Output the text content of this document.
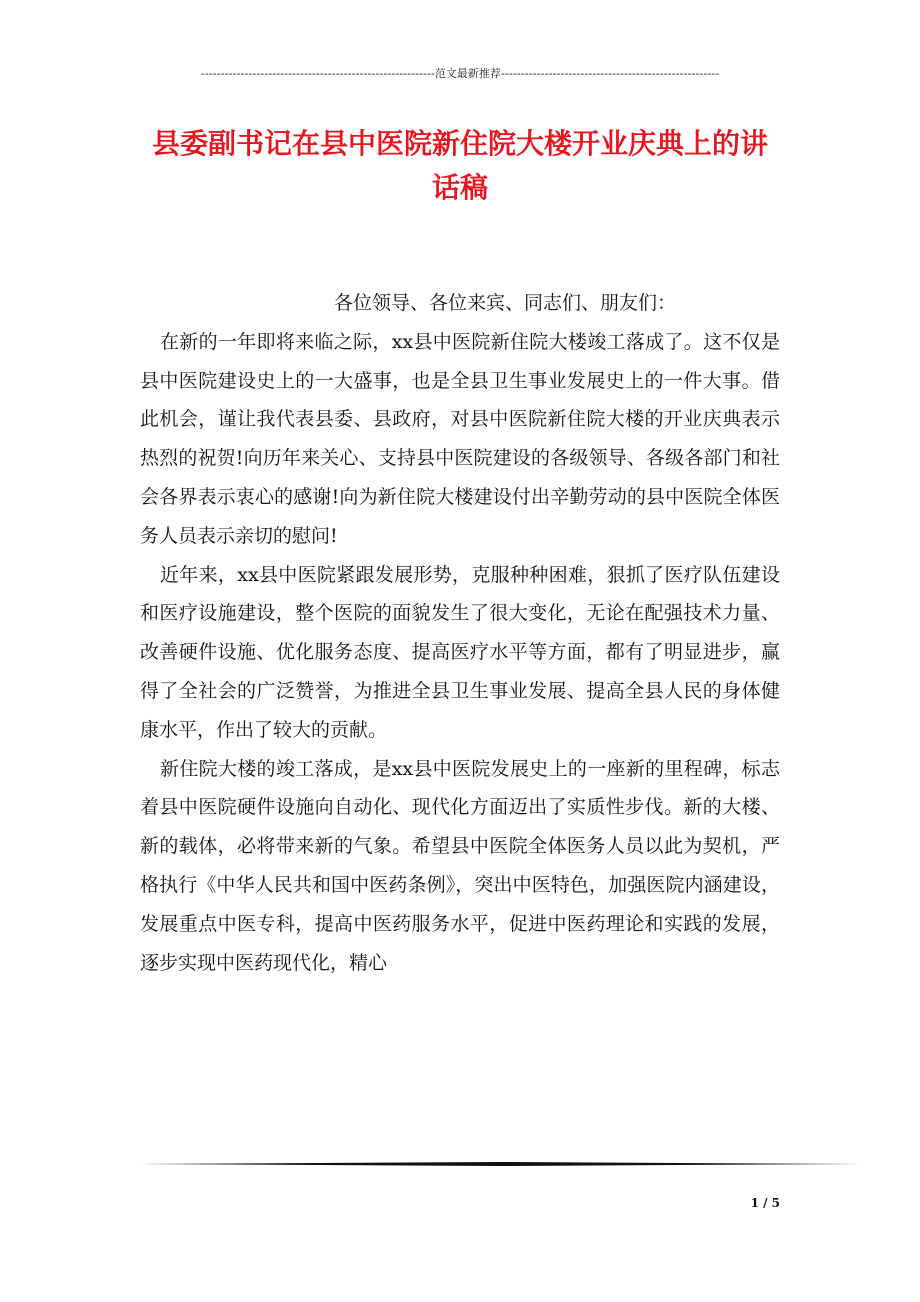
-----------------------------------------------------------范文最新推荐-------------------------------------------------------
县委副书记在县中医院新住院大楼开业庆典上的讲话稿

各位领导、各位来宾、同志们、朋友们：

在新的一年即将来临之际，xx县中医院新住院大楼竣工落成了。这不仅是县中医院建设史上的一大盛事，也是全县卫生事业发展史上的一件大事。借此机会，谨让我代表县委、县政府，对县中医院新住院大楼的开业庆典表示热烈的祝贺!向历年来关心、支持县中医院建设的各级领导、各级各部门和社会各界表示衷心的感谢!向为新住院大楼建设付出辛勤劳动的县中医院全体医务人员表示亲切的慰问!

近年来，xx县中医院紧跟发展形势，克服种种困难，狠抓了医疗队伍建设和医疗设施建设，整个医院的面貌发生了很大变化，无论在配强技术力量、改善硬件设施、优化服务态度、提高医疗水平等方面，都有了明显进步，赢得了全社会的广泛赞誉，为推进全县卫生事业发展、提高全县人民的身体健康水平，作出了较大的贡献。

新住院大楼的竣工落成，是xx县中医院发展史上的一座新的里程碑，标志着县中医院硬件设施向自动化、现代化方面迈出了实质性步伐。新的大楼、新的载体，必将带来新的气象。希望县中医院全体医务人员以此为契机，严格执行《中华人民共和国中医药条例》，突出中医特色，加强医院内涵建设，发展重点中医专科，提高中医药服务水平，促进中医药理论和实践的发展，逐步实现中医药现代化，精心

1 / 5
